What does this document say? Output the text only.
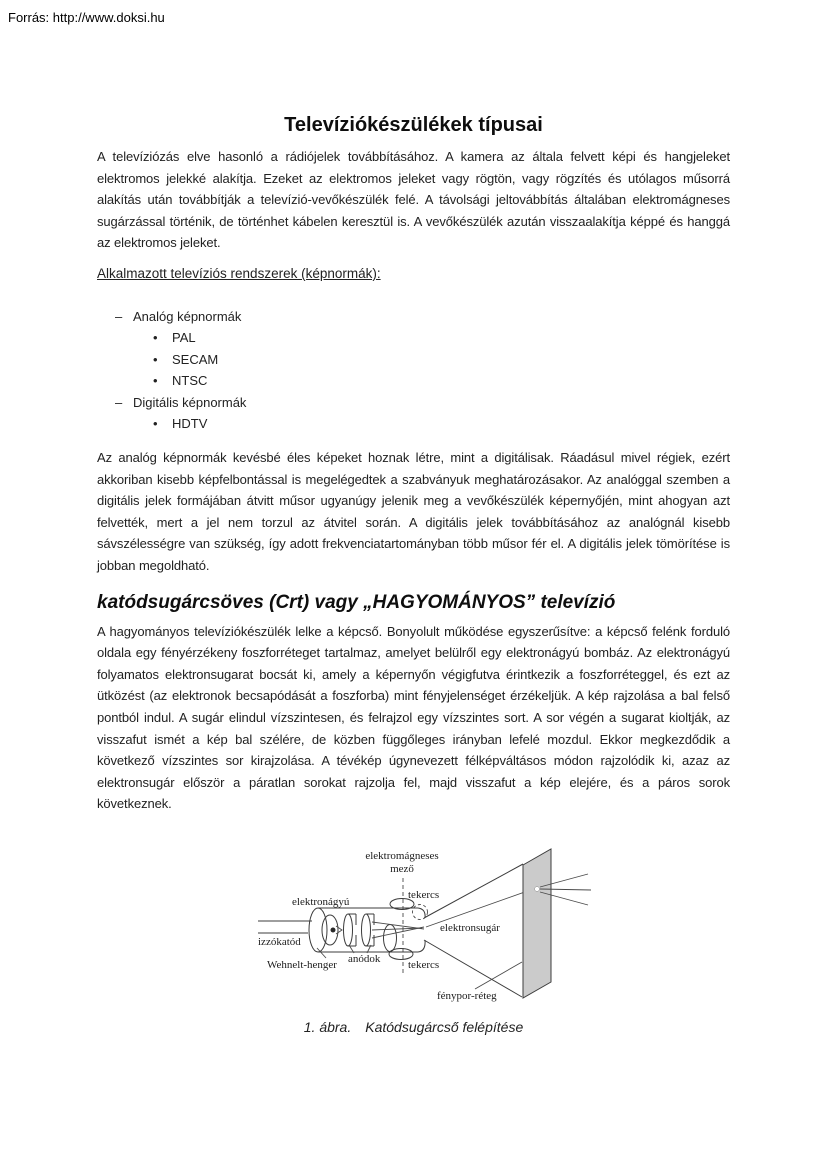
Forrás: http://www.doksi.hu
Televíziókészülékek típusai

A televíziózás elve hasonló a rádiójelek továbbításához. A kamera az általa felvett képi és hangjeleket elektromos jelekké alakítja. Ezeket az elektromos jeleket vagy rögtön, vagy rögzítés és utólagos műsorrá alakítás után továbbítják a televízió-vevőkészülék felé. A távolsági jeltovábbítás általában elektromágneses sugárzással történik, de történhet kábelen keresztül is. A vevőkészülék azután visszaalakítja képpé és hanggá az elektromos jeleket.

Alkalmazott televíziós rendszerek (képnormák):
– Analóg képnormák
• PAL
• SECAM
• NTSC
– Digitális képnormák
• HDTV

Az analóg képnormák kevésbé éles képeket hoznak létre, mint a digitálisak. Ráadásul mivel régiek, ezért akkoriban kisebb képfelbontással is megelégedtek a szabványuk meghatározásakor. Az analóggal szemben a digitális jelek formájában átvitt műsor ugyanúgy jelenik meg a vevőkészülék képernyőjén, mint ahogyan azt felvették, mert a jel nem torzul az átvitel során. A digitális jelek továbbításához az analógnál kisebb sávszélességre van szükség, így adott frekvenciatartományban több műsor fér el. A digitális jelek tömörítése is jobban megoldható.

katódsugárcsöves (Crt) vagy „HAGYOMÁNYOS” televízió

A hagyományos televíziókészülék lelke a képcső. Bonyolult működése egyszerűsítve: a képcső felénk forduló oldala egy fényérzékeny foszforréteget tartalmaz, amelyet belülről egy elektronágyú bombáz. Az elektronágyú folyamatos elektronsugarat bocsát ki, amely a képernyőn végigfutva érintkezik a foszforréteggel, és ezt az ütközést (az elektronok becsapódását a foszforba) mint fényjelenséget érzékeljük. A kép rajzolása a bal felső pontból indul. A sugár elindul vízszintesen, és felrajzol egy vízszintes sort. A sor végén a sugarat kioltják, az visszafut ismét a kép bal szélére, de közben függőleges irányban lefelé mozdul. Ekkor megkezdődik a következő vízszintes sor kirajzolása. A tévékép úgynevezett félképváltásos módon rajzolódik ki, azaz az elektronsugár először a páratlan sorokat rajzolja fel, majd visszafut a kép elejére, és a páros sorok következnek.

elektromágneses
mező
tekercs
tekercs
elektronágyú
izzókatód
Wehnelt-henger anódok
elektronsugár
fénypor-réteg
1. ábra. Katódsugárcső felépítése
